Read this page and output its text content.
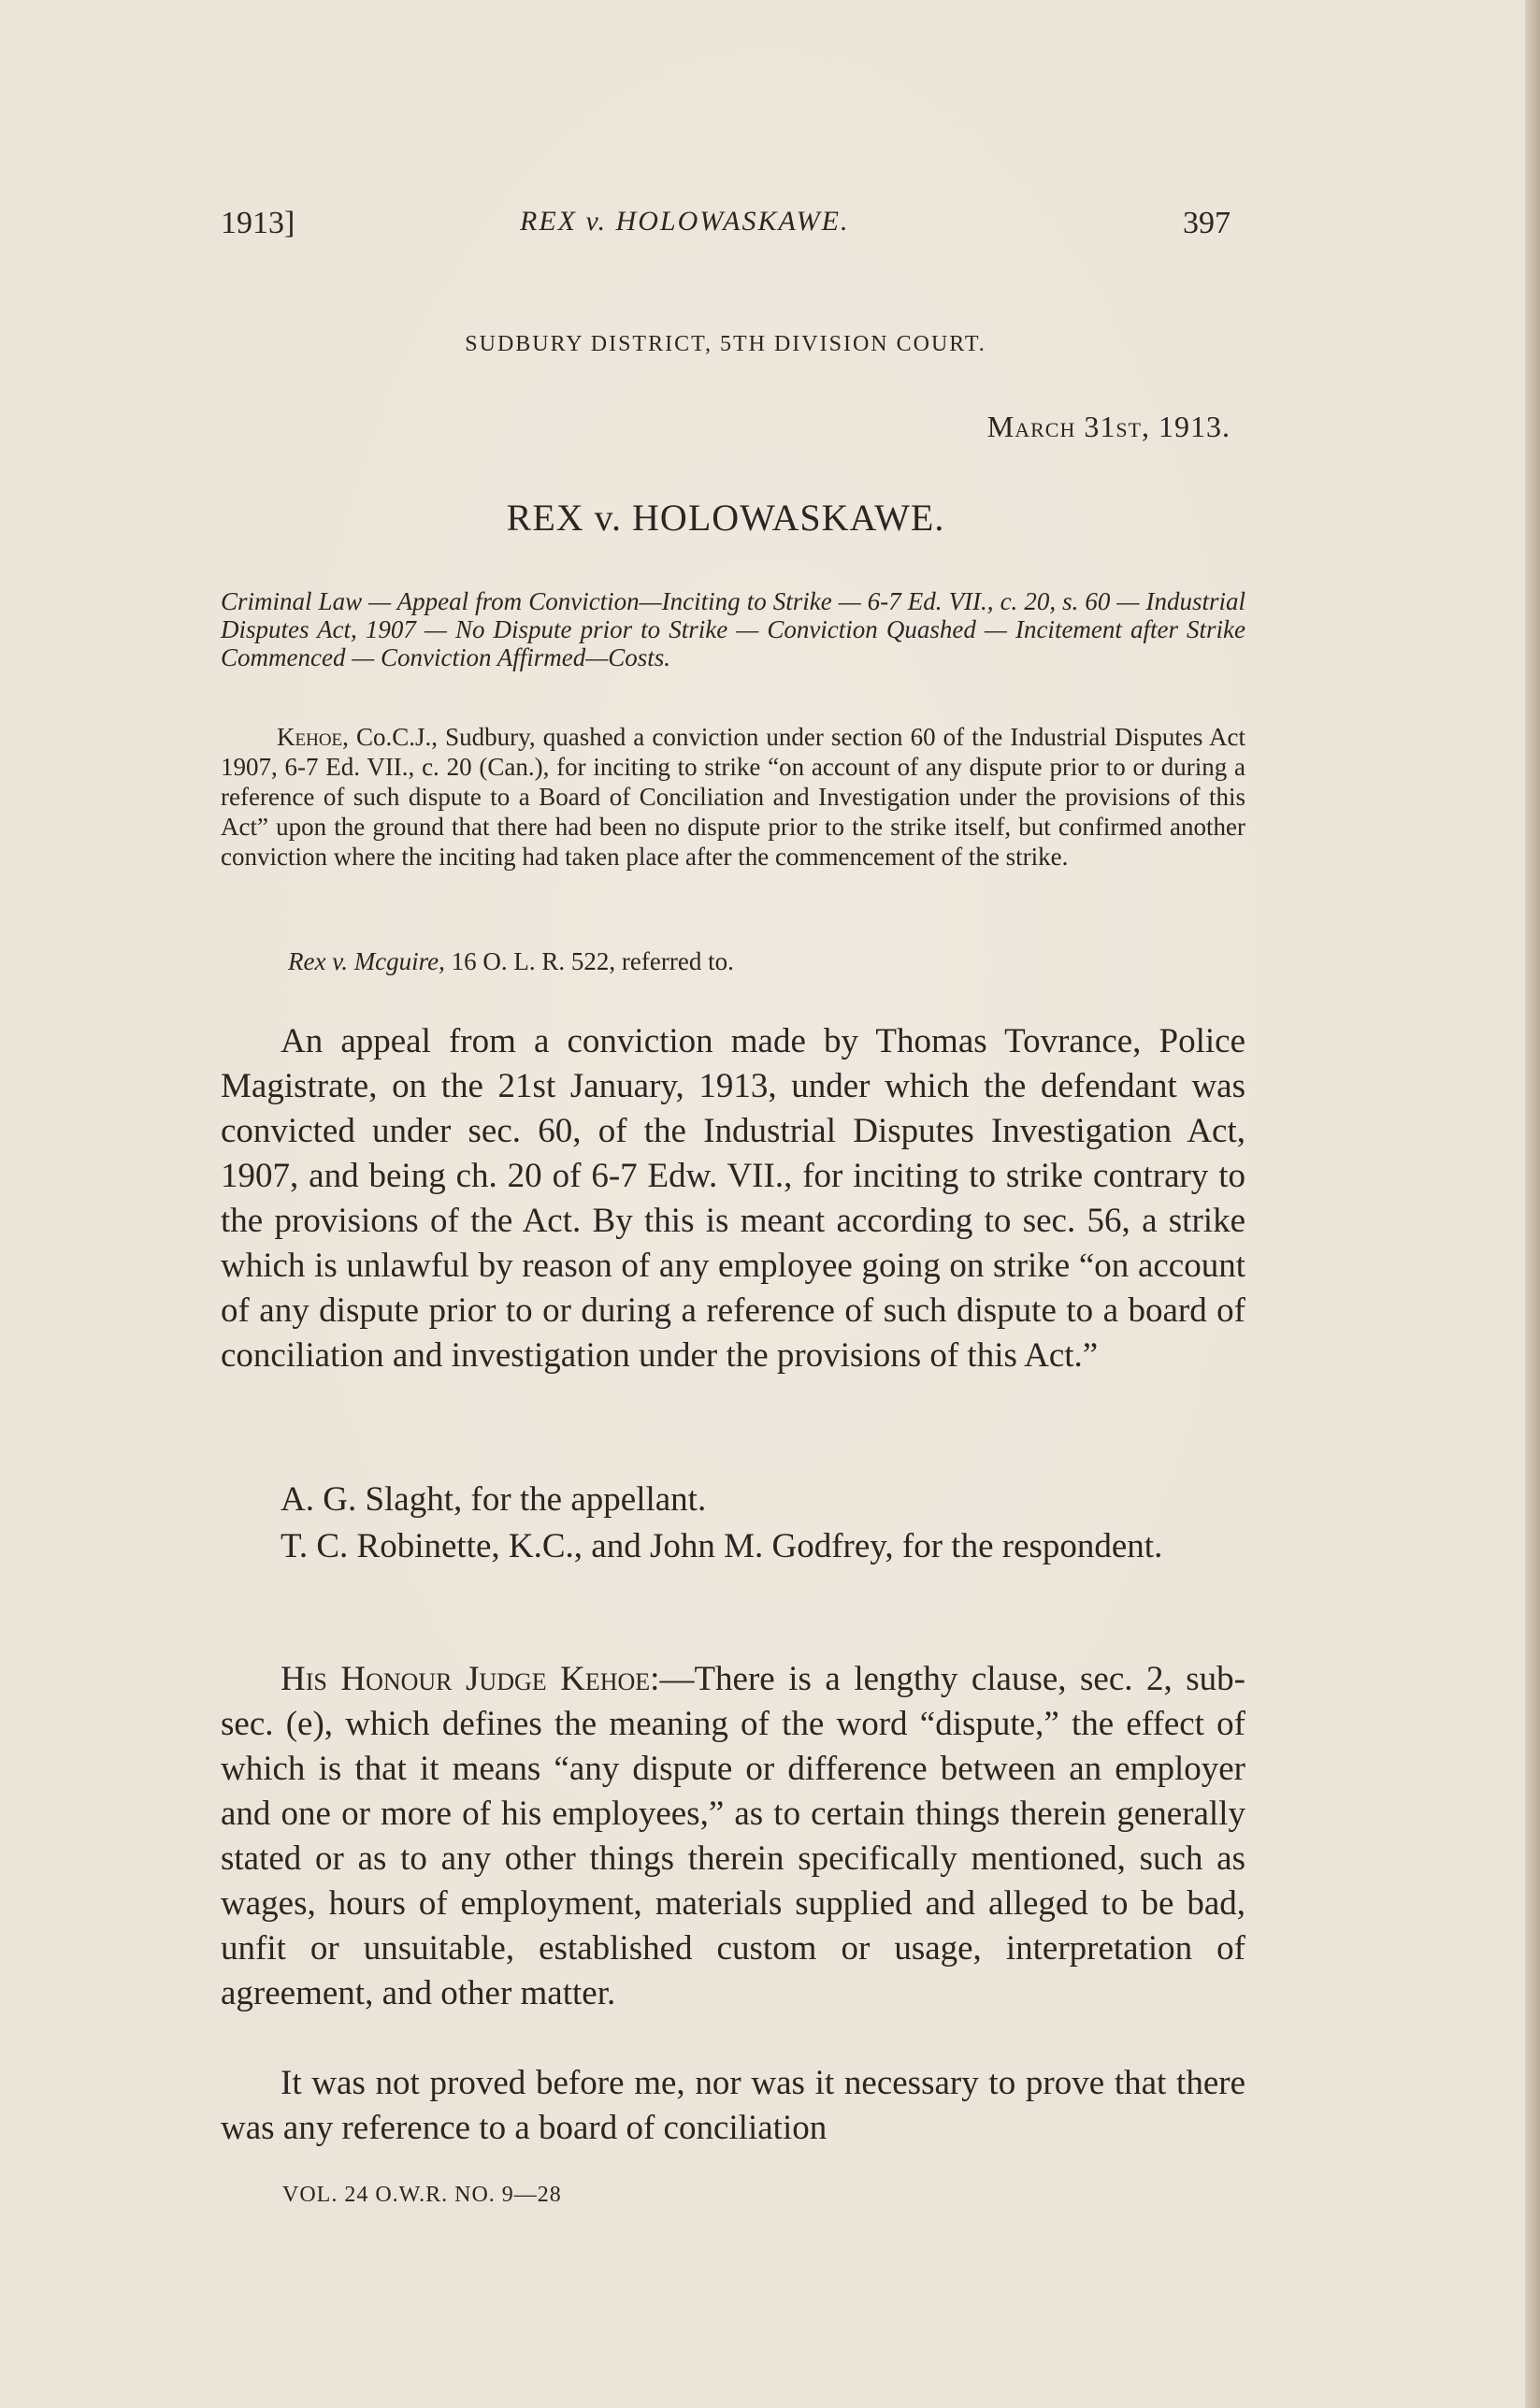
1913]	REX v. HOLOWASKAWE.	397
SUDBURY DISTRICT, 5TH DIVISION COURT.
March 31st, 1913.
REX v. HOLOWASKAWE.
Criminal Law — Appeal from Conviction—Inciting to Strike — 6-7 Ed. VII., c. 20, s. 60 — Industrial Disputes Act, 1907 — No Dispute prior to Strike — Conviction Quashed — Incitement after Strike Commenced — Conviction Affirmed—Costs.
Kehoe, Co.C.J., Sudbury, quashed a conviction under section 60 of the Industrial Disputes Act 1907, 6-7 Ed. VII., c. 20 (Can.), for inciting to strike “on account of any dispute prior to or during a reference of such dispute to a Board of Conciliation and Investigation under the provisions of this Act” upon the ground that there had been no dispute prior to the strike itself, but confirmed another conviction where the inciting had taken place after the commencement of the strike.
Rex v. Mcguire, 16 O. L. R. 522, referred to.
An appeal from a conviction made by Thomas Tovrance, Police Magistrate, on the 21st January, 1913, under which the defendant was convicted under sec. 60, of the Industrial Disputes Investigation Act, 1907, and being ch. 20 of 6-7 Edw. VII., for inciting to strike contrary to the provisions of the Act. By this is meant according to sec. 56, a strike which is unlawful by reason of any employee going on strike “on account of any dispute prior to or during a reference of such dispute to a board of conciliation and investigation under the provisions of this Act.”
A. G. Slaght, for the appellant.
T. C. Robinette, K.C., and John M. Godfrey, for the respondent.
His Honour Judge Kehoe:—There is a lengthy clause, sec. 2, sub-sec. (e), which defines the meaning of the word “dispute,” the effect of which is that it means “any dispute or difference between an employer and one or more of his employees,” as to certain things therein generally stated or as to any other things therein specifically mentioned, such as wages, hours of employment, materials supplied and alleged to be bad, unfit or unsuitable, established custom or usage, interpretation of agreement, and other matter.
It was not proved before me, nor was it necessary to prove that there was any reference to a board of conciliation
VOL. 24 O.W.R. NO. 9—28
